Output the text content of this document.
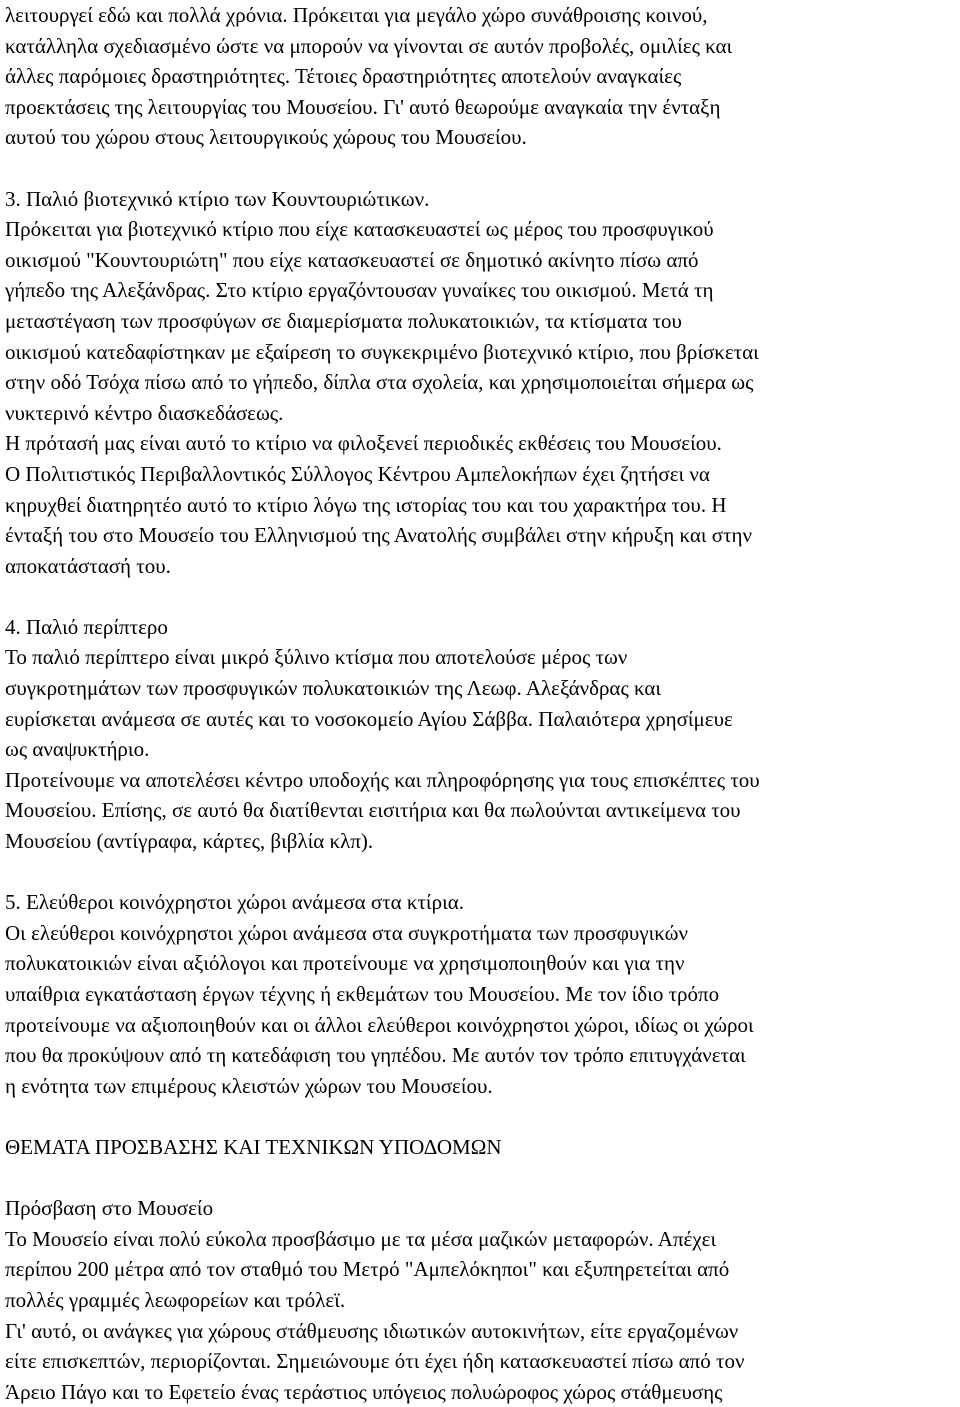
λειτουργεί εδώ και πολλά χρόνια. Πρόκειται για μεγάλο χώρο συνάθροισης κοινού,
κατάλληλα σχεδιασμένο ώστε να μπορούν να γίνονται σε αυτόν προβολές, ομιλίες και
άλλες παρόμοιες δραστηριότητες. Τέτοιες δραστηριότητες αποτελούν αναγκαίες
προεκτάσεις της λειτουργίας του Μουσείου. Γι' αυτό θεωρούμε αναγκαία την ένταξη
αυτού του χώρου στους λειτουργικούς χώρους του Μουσείου.
3. Παλιό βιοτεχνικό κτίριο των Κουντουριώτικων.
Πρόκειται για βιοτεχνικό κτίριο που είχε κατασκευαστεί ως μέρος του προσφυγικού
οικισμού "Κουντουριώτη" που είχε κατασκευαστεί σε δημοτικό ακίνητο πίσω από
γήπεδο της Αλεξάνδρας. Στο κτίριο εργαζόντουσαν γυναίκες του οικισμού. Μετά τη
μεταστέγαση των προσφύγων σε διαμερίσματα πολυκατοικιών, τα κτίσματα του
οικισμού κατεδαφίστηκαν με εξαίρεση το συγκεκριμένο βιοτεχνικό κτίριο, που βρίσκεται
στην οδό Τσόχα πίσω από το γήπεδο, δίπλα στα σχολεία, και χρησιμοποιείται σήμερα ως
νυκτερινό κέντρο διασκεδάσεως.
Η πρότασή μας είναι αυτό το κτίριο να φιλοξενεί περιοδικές εκθέσεις του Μουσείου.
Ο Πολιτιστικός Περιβαλλοντικός Σύλλογος Κέντρου Αμπελοκήπων έχει ζητήσει να
κηρυχθεί διατηρητέο αυτό το κτίριο λόγω της ιστορίας του και του χαρακτήρα του. Η
ένταξή του στο Μουσείο του Ελληνισμού της Ανατολής συμβάλει στην κήρυξη και στην
αποκατάστασή του.
4. Παλιό περίπτερο
Το παλιό περίπτερο είναι μικρό ξύλινο κτίσμα που αποτελούσε μέρος των
συγκροτημάτων των προσφυγικών πολυκατοικιών της Λεωφ. Αλεξάνδρας και
ευρίσκεται ανάμεσα σε αυτές και το νοσοκομείο Αγίου Σάββα. Παλαιότερα χρησίμευε
ως αναψυκτήριο.
Προτείνουμε να αποτελέσει κέντρο υποδοχής και πληροφόρησης για τους επισκέπτες του
Μουσείου. Επίσης, σε αυτό θα διατίθενται εισιτήρια και θα πωλούνται αντικείμενα του
Μουσείου (αντίγραφα, κάρτες, βιβλία κλπ).
5. Ελεύθεροι κοινόχρηστοι χώροι ανάμεσα στα κτίρια.
Οι ελεύθεροι κοινόχρηστοι χώροι ανάμεσα στα συγκροτήματα των προσφυγικών
πολυκατοικιών είναι αξιόλογοι και προτείνουμε να χρησιμοποιηθούν και για την
υπαίθρια εγκατάσταση έργων τέχνης ή εκθεμάτων του Μουσείου. Με τον ίδιο τρόπο
προτείνουμε να αξιοποιηθούν και οι άλλοι ελεύθεροι κοινόχρηστοι χώροι, ιδίως οι χώροι
που θα προκύψουν από τη κατεδάφιση του γηπέδου. Με αυτόν τον τρόπο επιτυγχάνεται
η ενότητα των επιμέρους κλειστών χώρων του Μουσείου.
ΘΕΜΑΤΑ ΠΡΟΣΒΑΣΗΣ ΚΑΙ ΤΕΧΝΙΚΩΝ ΥΠΟΔΟΜΩΝ
Πρόσβαση στο Μουσείο
Το Μουσείο είναι πολύ εύκολα προσβάσιμο με τα μέσα μαζικών μεταφορών. Απέχει
περίπου 200 μέτρα από τον σταθμό του Μετρό "Αμπελόκηποι" και εξυπηρετείται από
πολλές γραμμές λεωφορείων και τρόλεϊ.
Γι' αυτό, οι ανάγκες για χώρους στάθμευσης ιδιωτικών αυτοκινήτων, είτε εργαζομένων
είτε επισκεπτών, περιορίζονται. Σημειώνουμε ότι έχει ήδη κατασκευαστεί πίσω από τον
Άρειο Πάγο και το Εφετείο ένας τεράστιος υπόγειος πολυώροφος χώρος στάθμευσης
